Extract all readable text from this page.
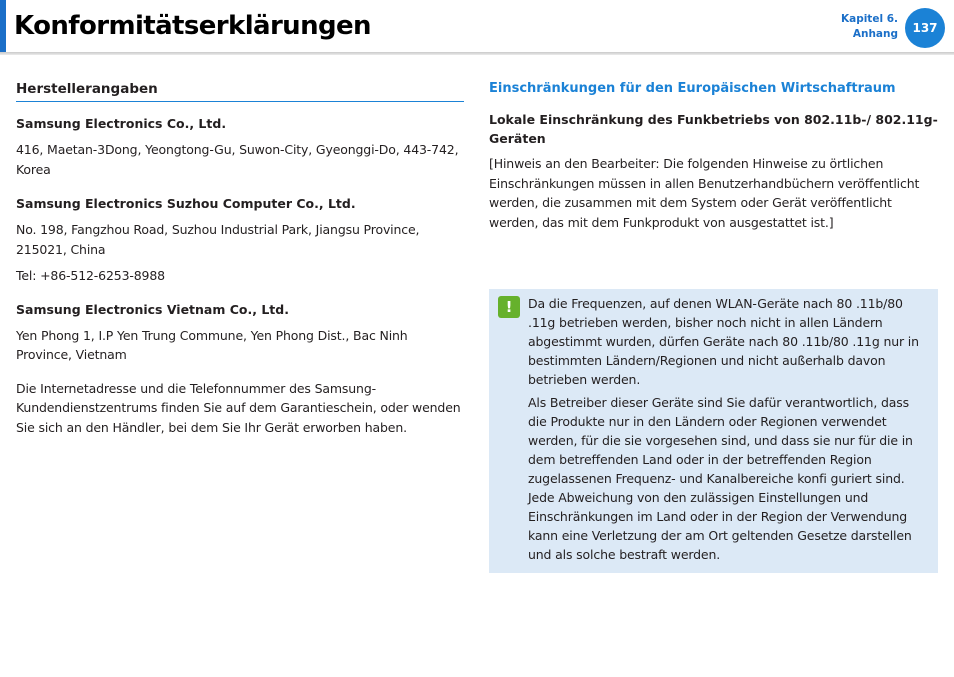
Konformitätserklärungen	Kapitel 6.
Anhang	137
Herstellerangaben

Samsung Electronics Co., Ltd.

416, Maetan-3Dong, Yeongtong-Gu, Suwon-City, Gyeonggi-Do, 443-742, Korea

Samsung Electronics Suzhou Computer Co., Ltd.

No. 198, Fangzhou Road, Suzhou Industrial Park, Jiangsu Province, 215021, China

Tel: +86-512-6253-8988

Samsung Electronics Vietnam Co., Ltd.

Yen Phong 1, I.P Yen Trung Commune, Yen Phong Dist., Bac Ninh Province, Vietnam

Die Internetadresse und die Telefonnummer des Samsung-Kundendienstzentrums finden Sie auf dem Garantieschein, oder wenden Sie sich an den Händler, bei dem Sie Ihr Gerät erworben haben.

Einschränkungen für den Europäischen Wirtschaftraum

Lokale Einschränkung des Funkbetriebs von 802.11b-/ 802.11g-Geräten

[Hinweis an den Bearbeiter: Die folgenden Hinweise zu örtlichen Einschränkungen müssen in allen Benutzerhandbüchern veröffentlicht werden, die zusammen mit dem System oder Gerät veröffentlicht werden, das mit dem Funkprodukt von ausgestattet ist.]

!	Da die Frequenzen, auf denen WLAN-Geräte nach 80 .11b/80 .11g betrieben werden, bisher noch nicht in allen Ländern abgestimmt wurden, dürfen Geräte nach 80 .11b/80 .11g nur in bestimmten Ländern/Regionen und nicht außerhalb davon betrieben werden.

Als Betreiber dieser Geräte sind Sie dafür verantwortlich, dass die Produkte nur in den Ländern oder Regionen verwendet werden, für die sie vorgesehen sind, und dass sie nur für die in dem betreffenden Land oder in der betreffenden Region zugelassenen Frequenz- und Kanalbereiche konfi guriert sind. Jede Abweichung von den zulässigen Einstellungen und Einschränkungen im Land oder in der Region der Verwendung kann eine Verletzung der am Ort geltenden Gesetze darstellen und als solche bestraft werden.
